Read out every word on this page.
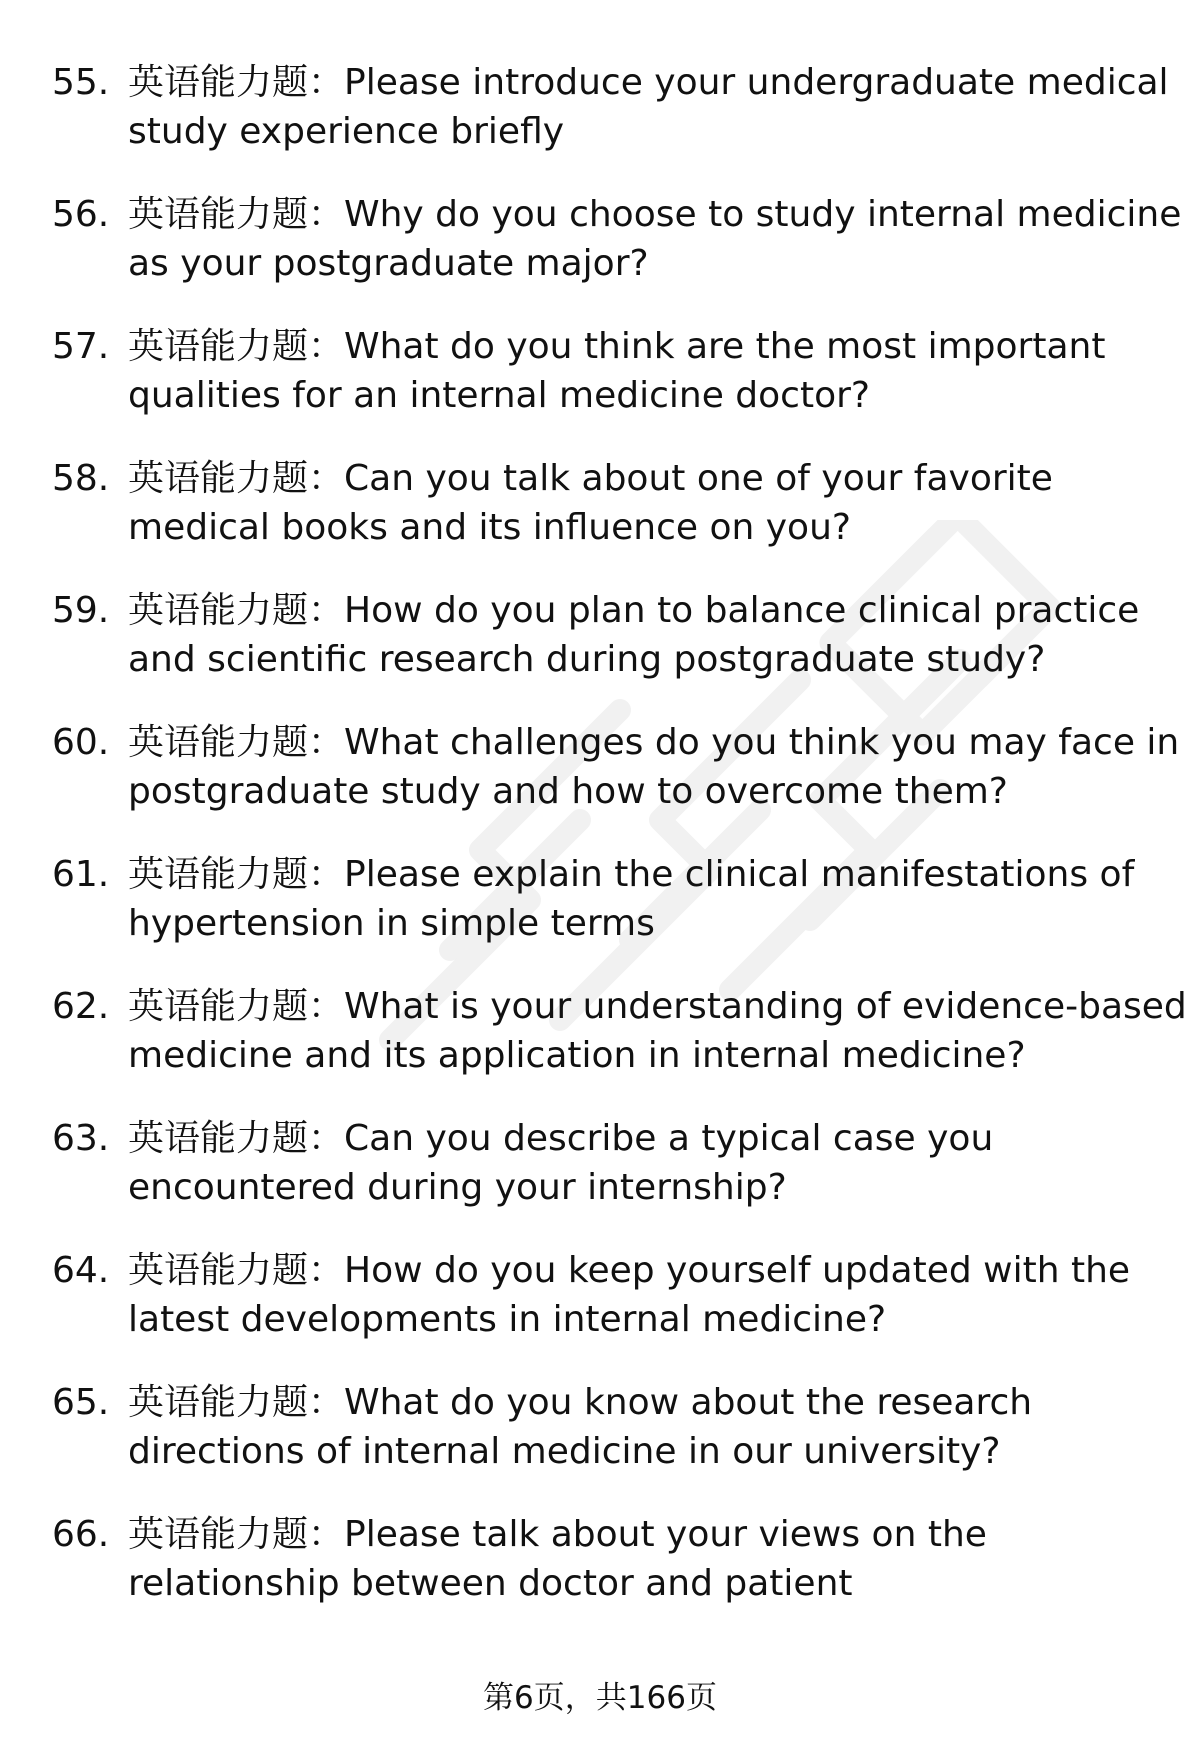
55. 英语能力题：Please introduce your undergraduate medical
study experience briefly
56. 英语能力题：Why do you choose to study internal medicine
as your postgraduate major?
57. 英语能力题：What do you think are the most important
qualities for an internal medicine doctor?
58. 英语能力题：Can you talk about one of your favorite
medical books and its influence on you?
59. 英语能力题：How do you plan to balance clinical practice
and scientific research during postgraduate study?
60. 英语能力题：What challenges do you think you may face in
postgraduate study and how to overcome them?
61. 英语能力题：Please explain the clinical manifestations of
hypertension in simple terms
62. 英语能力题：What is your understanding of evidence-based
medicine and its application in internal medicine?
63. 英语能力题：Can you describe a typical case you
encountered during your internship?
64. 英语能力题：How do you keep yourself updated with the
latest developments in internal medicine?
65. 英语能力题：What do you know about the research
directions of internal medicine in our university?
66. 英语能力题：Please talk about your views on the
relationship between doctor and patient
第6页，共166页
